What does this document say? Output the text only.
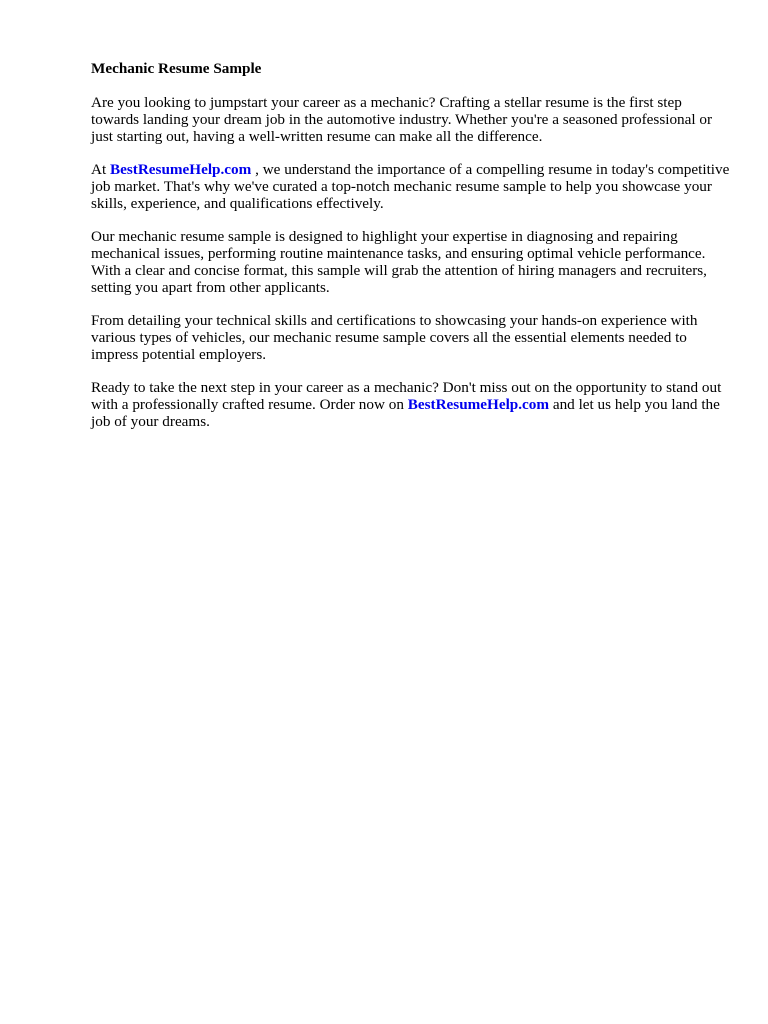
Mechanic Resume Sample

Are you looking to jumpstart your career as a mechanic? Crafting a stellar resume is the first step towards landing your dream job in the automotive industry. Whether you're a seasoned professional or just starting out, having a well-written resume can make all the difference.

At BestResumeHelp.com , we understand the importance of a compelling resume in today's competitive job market. That's why we've curated a top-notch mechanic resume sample to help you showcase your skills, experience, and qualifications effectively.

Our mechanic resume sample is designed to highlight your expertise in diagnosing and repairing mechanical issues, performing routine maintenance tasks, and ensuring optimal vehicle performance. With a clear and concise format, this sample will grab the attention of hiring managers and recruiters, setting you apart from other applicants.

From detailing your technical skills and certifications to showcasing your hands-on experience with various types of vehicles, our mechanic resume sample covers all the essential elements needed to impress potential employers.

Ready to take the next step in your career as a mechanic? Don't miss out on the opportunity to stand out with a professionally crafted resume. Order now on BestResumeHelp.com and let us help you land the job of your dreams.
